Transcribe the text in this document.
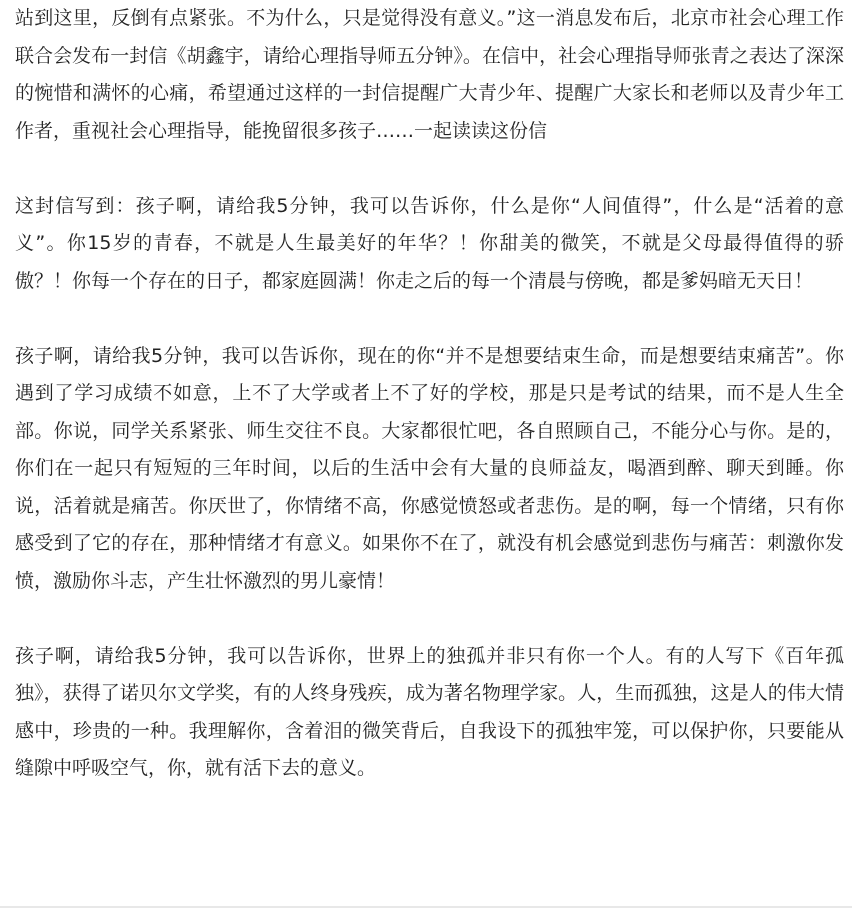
站到这里，反倒有点紧张。不为什么，只是觉得没有意义。”这一消息发布后，北京市社会心理工作联合会发布一封信《胡鑫宇，请给心理指导师五分钟》。在信中，社会心理指导师张青之表达了深深的惋惜和满怀的心痛，希望通过这样的一封信提醒广大青少年、提醒广大家长和老师以及青少年工作者，重视社会心理指导，能挽留很多孩子……一起读读这份信

这封信写到：孩子啊，请给我5分钟，我可以告诉你，什么是你“人间值得”，什么是“活着的意义”。你15岁的青春，不就是人生最美好的年华？！你甜美的微笑，不就是父母最得值得的骄傲？！你每一个存在的日子，都家庭圆满！你走之后的每一个清晨与傍晚，都是爹妈暗无天日！

孩子啊，请给我5分钟，我可以告诉你，现在的你“并不是想要结束生命，而是想要结束痛苦”。你遇到了学习成绩不如意，上不了大学或者上不了好的学校，那是只是考试的结果，而不是人生全部。你说，同学关系紧张、师生交往不良。大家都很忙吧，各自照顾自己，不能分心与你。是的，你们在一起只有短短的三年时间，以后的生活中会有大量的良师益友，喝酒到醉、聊天到睡。你说，活着就是痛苦。你厌世了，你情绪不高，你感觉愤怒或者悲伤。是的啊，每一个情绪，只有你感受到了它的存在，那种情绪才有意义。如果你不在了，就没有机会感觉到悲伤与痛苦：刺激你发愤，激励你斗志，产生壮怀激烈的男儿豪情！

孩子啊，请给我5分钟，我可以告诉你，世界上的独孤并非只有你一个人。有的人写下《百年孤独》，获得了诺贝尔文学奖，有的人终身残疾，成为著名物理学家。人，生而孤独，这是人的伟大情感中，珍贵的一种。我理解你，含着泪的微笑背后，自我设下的孤独牢笼，可以保护你，只要能从缝隙中呼吸空气，你，就有活下去的意义。
